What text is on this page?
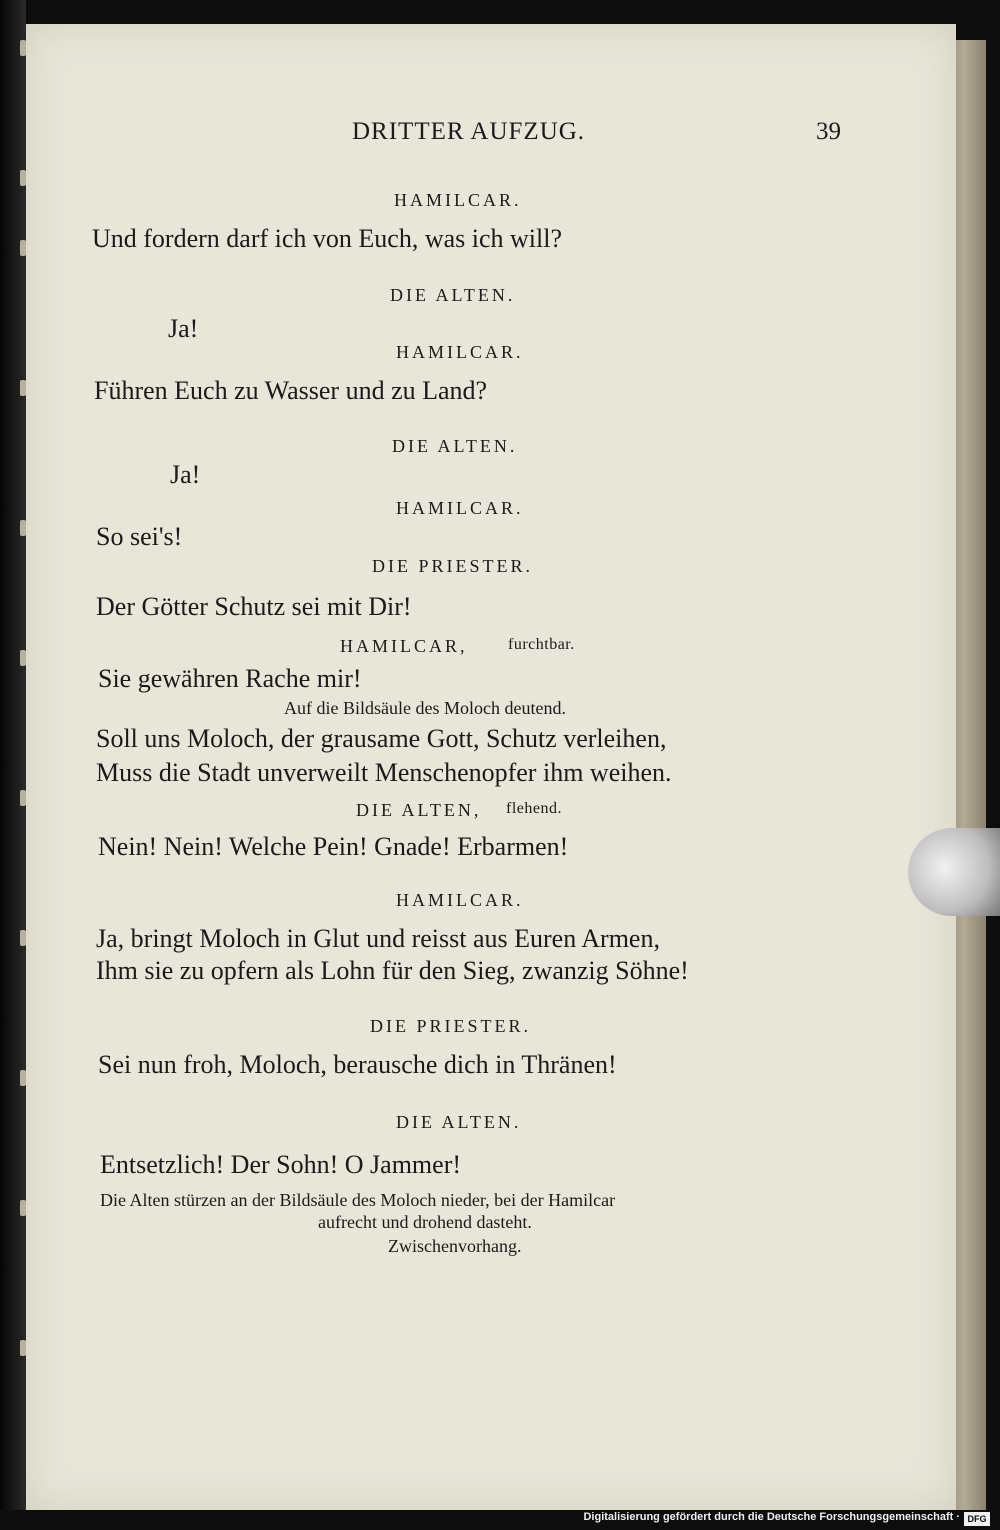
DRITTER AUFZUG.	39
HAMILCAR.
Und fordern darf ich von Euch, was ich will?
DIE ALTEN.
Ja!
HAMILCAR.
Führen Euch zu Wasser und zu Land?
DIE ALTEN.
Ja!
HAMILCAR.
So sei's!
DIE PRIESTER.
Der Götter Schutz sei mit Dir!
HAMILCAR,	furchtbar.
Sie gewähren Rache mir!
Auf die Bildsäule des Moloch deutend.
Soll uns Moloch, der grausame Gott, Schutz verleihen,
Muss die Stadt unverweilt Menschenopfer ihm weihen.
DIE ALTEN, flehend.
Nein! Nein! Welche Pein! Gnade! Erbarmen!
HAMILCAR.
Ja, bringt Moloch in Glut und reisst aus Euren Armen,
Ihm sie zu opfern als Lohn für den Sieg, zwanzig Söhne!
DIE PRIESTER.
Sei nun froh, Moloch, berausche dich in Thränen!
DIE ALTEN.
Entsetzlich! Der Sohn! O Jammer!
Die Alten stürzen an der Bildsäule des Moloch nieder, bei der Hamilcar
aufrecht und drohend dasteht.
Zwischenvorhang.
Digitalisierung gefördert durch die Deutsche Forschungsgemeinschaft · DFG
